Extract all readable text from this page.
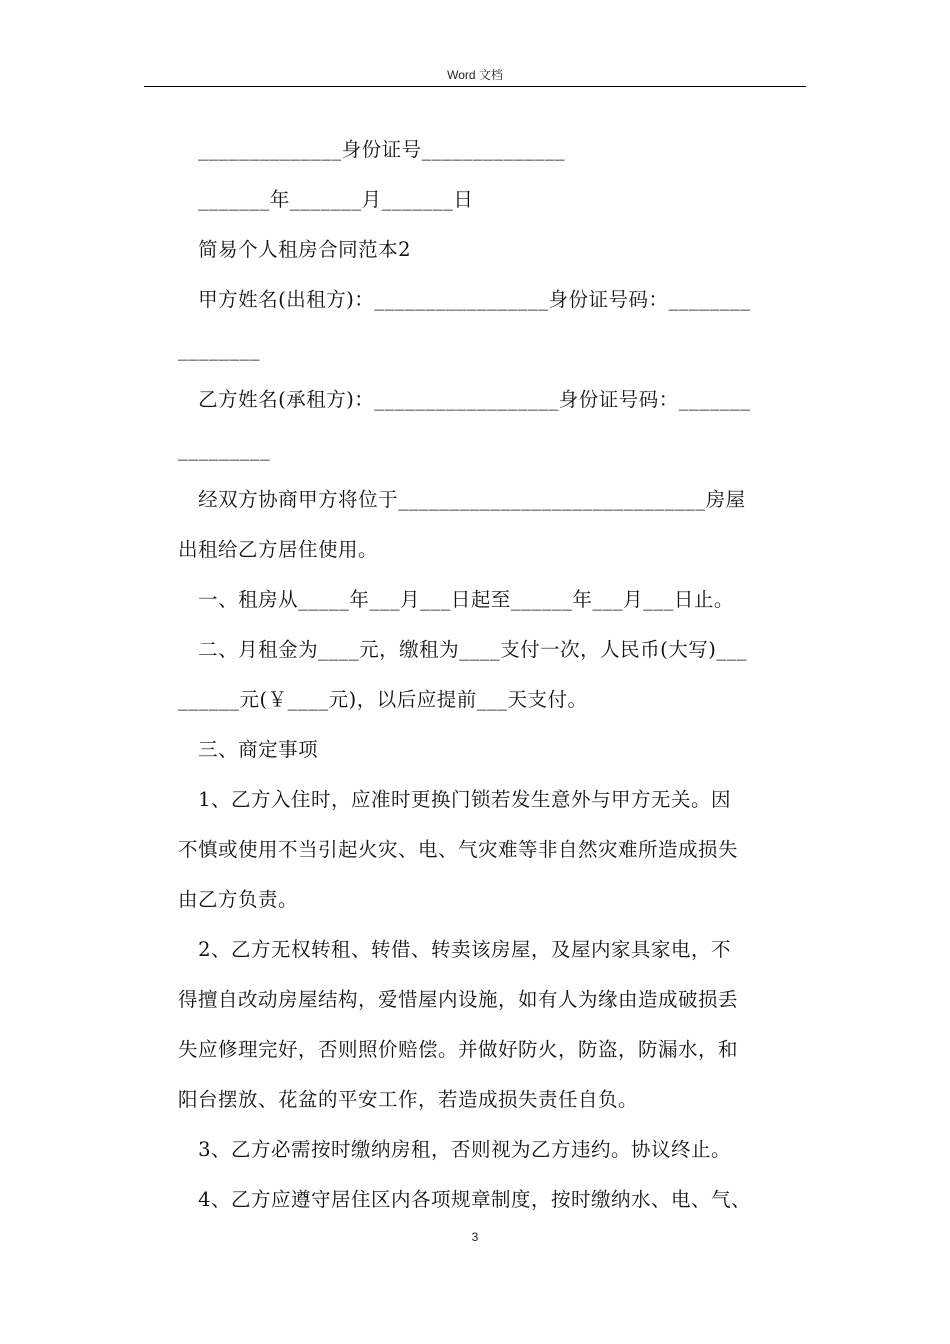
Word 文档
______________身份证号______________
_______年_______月_______日
简易个人租房合同范本2
甲方姓名(出租方)：_________________身份证号码：________
________
乙方姓名(承租方)：__________________身份证号码：_______
_________
经双方协商甲方将位于______________________________房屋
出租给乙方居住使用。
一、租房从_____年___月___日起至______年___月___日止。
二、月租金为____元，缴租为____支付一次，人民币(大写)___
______元(￥____元)，以后应提前___天支付。
三、商定事项
1、乙方入住时，应准时更换门锁若发生意外与甲方无关。因
不慎或使用不当引起火灾、电、气灾难等非自然灾难所造成损失
由乙方负责。
2、乙方无权转租、转借、转卖该房屋，及屋内家具家电，不
得擅自改动房屋结构，爱惜屋内设施，如有人为缘由造成破损丢
失应修理完好，否则照价赔偿。并做好防火，防盗，防漏水，和
阳台摆放、花盆的平安工作，若造成损失责任自负。
3、乙方必需按时缴纳房租，否则视为乙方违约。协议终止。
4、乙方应遵守居住区内各项规章制度，按时缴纳水、电、气、
3
